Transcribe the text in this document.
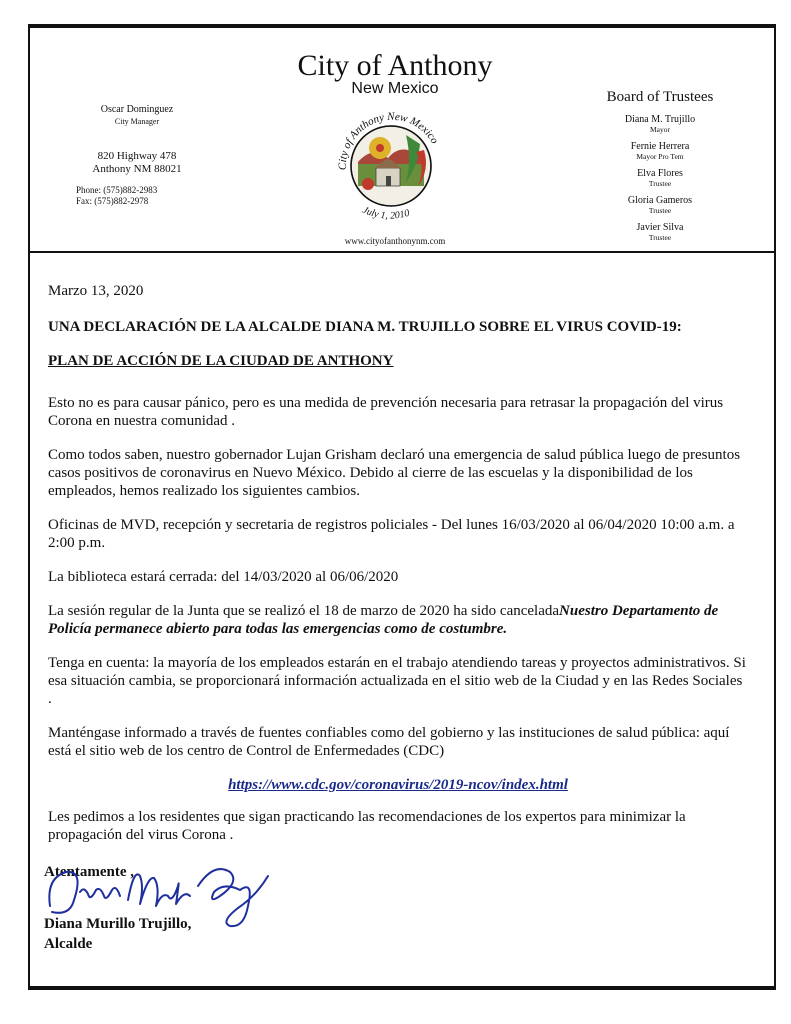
City of Anthony
New Mexico
Oscar Dominguez
City Manager
820 Highway 478
Anthony NM 88021
Phone: (575)882-2983
Fax: (575)882-2978
City of Anthony New Mexico
July 1, 2010
www.cityofanthonynm.com
Board of Trustees
Diana M. Trujillo
Mayor
Fernie Herrera
Mayor Pro Tem
Elva Flores
Trustee
Gloria Gameros
Trustee
Javier Silva
Trustee

Marzo 13, 2020

UNA DECLARACIÓN DE LA ALCALDE DIANA M. TRUJILLO SOBRE EL VIRUS COVID-19:

PLAN DE ACCIÓN DE LA CIUDAD DE ANTHONY

Esto no es para causar pánico, pero es una medida de prevención necesaria para retrasar la propagación del virus Corona en nuestra comunidad .

Como todos saben, nuestro gobernador Lujan Grisham declaró una emergencia de salud pública luego de presuntos casos positivos de coronavirus en Nuevo México. Debido al cierre de las escuelas y la disponibilidad de los empleados, hemos realizado los siguientes cambios.

Oficinas de MVD, recepción y secretaria de registros policiales - Del lunes 16/03/2020 al 06/04/2020 10:00 a.m. a 2:00 p.m.

La biblioteca estará cerrada: del 14/03/2020 al 06/06/2020

La sesión regular de la Junta que se realizó el 18 de marzo de 2020 ha sido canceladaNuestro Departamento de Policía permanece abierto para todas las emergencias como de costumbre.

Tenga en cuenta: la mayoría de los empleados estarán en el trabajo atendiendo tareas y proyectos administrativos. Si esa situación cambia, se proporcionará información actualizada en el sitio web de la Ciudad y en las Redes Sociales .

Manténgase informado a través de fuentes confiables como del gobierno y las instituciones de salud pública: aquí está el sitio web de los centro de Control de Enfermedades (CDC)

https://www.cdc.gov/coronavirus/2019-ncov/index.html

Les pedimos a los residentes que sigan practicando las recomendaciones de los expertos para minimizar la propagación del virus Corona .

Atentamente ,
Diana Murillo Trujillo,
Alcalde
